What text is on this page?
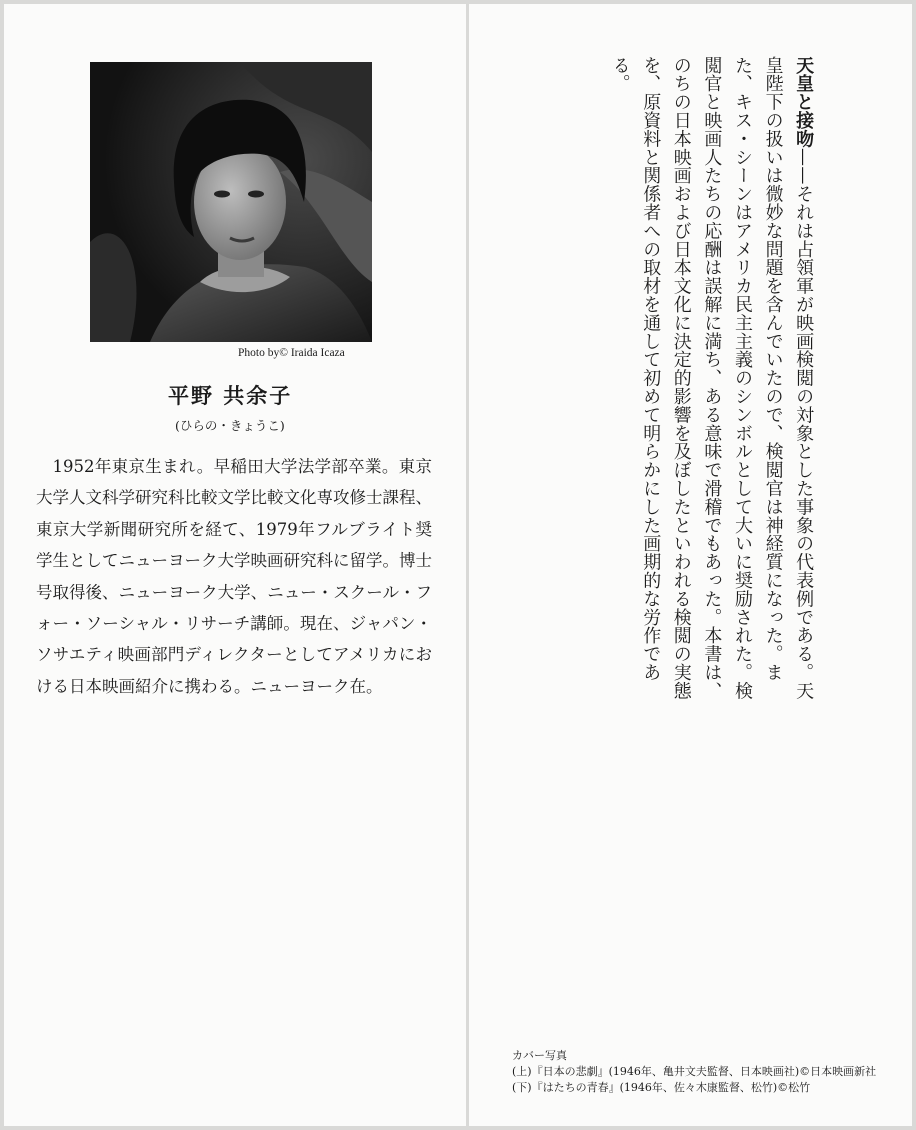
Photo by© Iraida Icaza
平野 共余子
(ひらの・きょうこ)
1952年東京生まれ。早稲田大学法学部卒業。東京大学人文科学研究科比較文学比較文化専攻修士課程、東京大学新聞研究所を経て、1979年フルブライト奨学生としてニューヨーク大学映画研究科に留学。博士号取得後、ニューヨーク大学、ニュー・スクール・フォー・ソーシャル・リサーチ講師。現在、ジャパン・ソサエティ映画部門ディレクターとしてアメリカにおける日本映画紹介に携わる。ニューヨーク在。
天皇と接吻——それは占領軍が映画検閲の対象とした事象の代表例である。天皇陛下の扱いは微妙な問題を含んでいたので、検閲官は神経質になった。また、キス・シーンはアメリカ民主主義のシンボルとして大いに奨励された。検閲官と映画人たちの応酬は誤解に満ち、ある意味で滑稽でもあった。本書は、のちの日本映画および日本文化に決定的影響を及ぼしたといわれる検閲の実態を、原資料と関係者への取材を通して初めて明らかにした画期的な労作である。
カバー写真
(上)『日本の悲劇』(1946年、亀井文夫監督、日本映画社)©日本映画新社
(下)『はたちの青春』(1946年、佐々木康監督、松竹)©松竹
